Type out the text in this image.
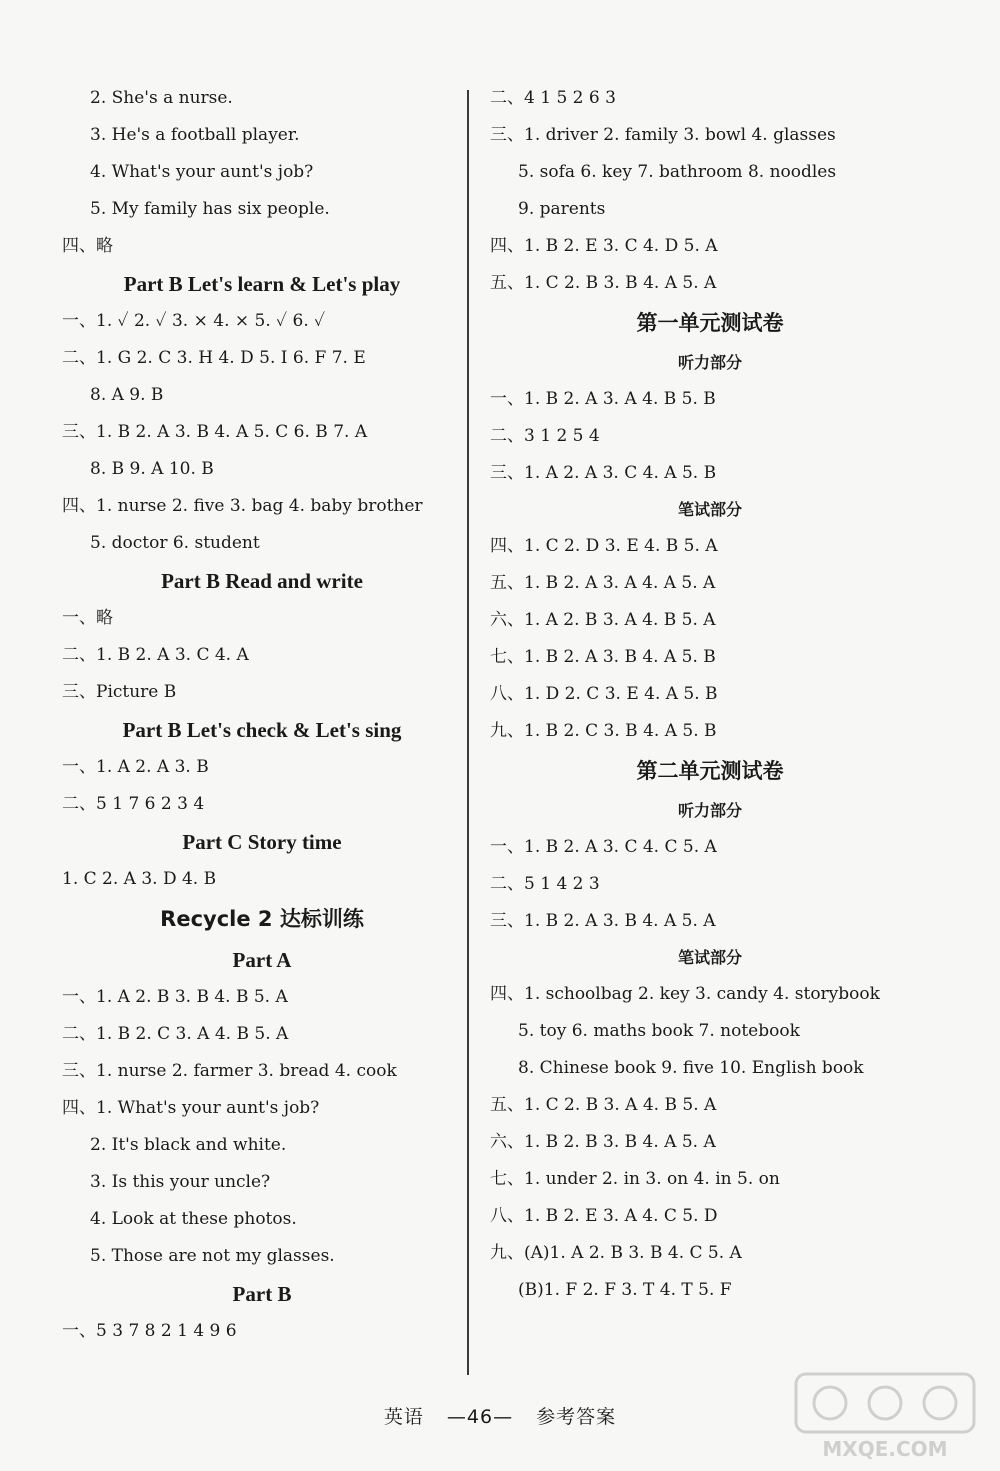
2. She's a nurse.
3. He's a football player.
4. What's your aunt's job?
5. My family has six people.
四、略
Part B Let's learn & Let's play
一、1. ✓ 2. ✓ 3. × 4. × 5. ✓ 6. ✓
二、1. G 2. C 3. H 4. D 5. I 6. F 7. E
8. A 9. B
三、1. B 2. A 3. B 4. A 5. C 6. B 7. A
8. B 9. A 10. B
四、1. nurse 2. five 3. bag 4. baby brother
5. doctor 6. student
Part B Read and write
一、略
二、1. B 2. A 3. C 4. A
三、Picture B
Part B Let's check & Let's sing
一、1. A 2. A 3. B
二、5 1 7 6 2 3 4
Part C Story time
1. C 2. A 3. D 4. B
Recycle 2 达标训练
Part A
一、1. A 2. B 3. B 4. B 5. A
二、1. B 2. C 3. A 4. B 5. A
三、1. nurse 2. farmer 3. bread 4. cook
四、1. What's your aunt's job?
2. It's black and white.
3. Is this your uncle?
4. Look at these photos.
5. Those are not my glasses.
Part B
一、5 3 7 8 2 1 4 9 6
二、4 1 5 2 6 3
三、1. driver 2. family 3. bowl 4. glasses
5. sofa 6. key 7. bathroom 8. noodles
9. parents
四、1. B 2. E 3. C 4. D 5. A
五、1. C 2. B 3. B 4. A 5. A
第一单元测试卷
听力部分
一、1. B 2. A 3. A 4. B 5. B
二、3 1 2 5 4
三、1. A 2. A 3. C 4. A 5. B
笔试部分
四、1. C 2. D 3. E 4. B 5. A
五、1. B 2. A 3. A 4. A 5. A
六、1. A 2. B 3. A 4. B 5. A
七、1. B 2. A 3. B 4. A 5. B
八、1. D 2. C 3. E 4. A 5. B
九、1. B 2. C 3. B 4. A 5. B
第二单元测试卷
听力部分
一、1. B 2. A 3. C 4. C 5. A
二、5 1 4 2 3
三、1. B 2. A 3. B 4. A 5. A
笔试部分
四、1. schoolbag 2. key 3. candy 4. storybook
5. toy 6. maths book 7. notebook
8. Chinese book 9. five 10. English book
五、1. C 2. B 3. A 4. B 5. A
六、1. B 2. B 3. B 4. A 5. A
七、1. under 2. in 3. on 4. in 5. on
八、1. B 2. E 3. A 4. C 5. D
九、(A)1. A 2. B 3. B 4. C 5. A
(B)1. F 2. F 3. T 4. T 5. F
英语 —46— 参考答案
MXQE.COM
